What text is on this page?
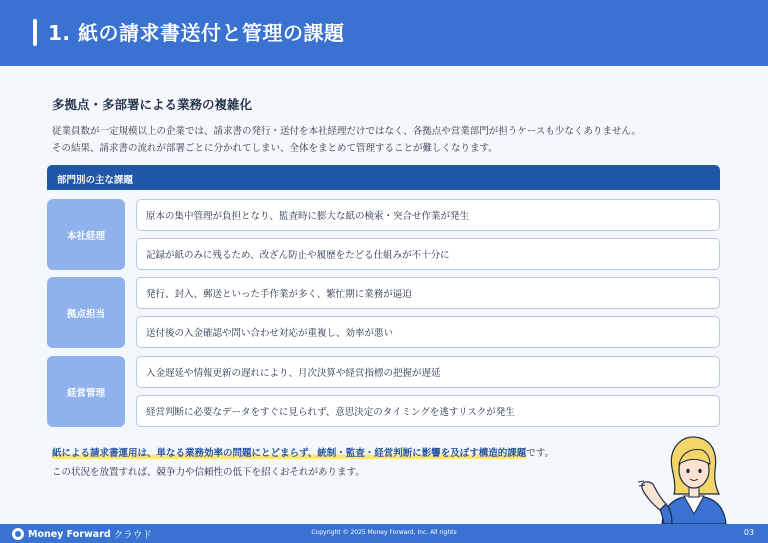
1. 紙の請求書送付と管理の課題
多拠点・多部署による業務の複雑化
従業員数が一定規模以上の企業では、請求書の発行・送付を本社経理だけではなく、各拠点や営業部門が担うケースも少なくありません。
その結果、請求書の流れが部署ごとに分かれてしまい、全体をまとめて管理することが難しくなります。
部門別の主な課題
本社経理
原本の集中管理が負担となり、監査時に膨大な紙の検索・突合せ作業が発生
記録が紙のみに残るため、改ざん防止や履歴をたどる仕組みが不十分に
拠点担当
発行、封入、郵送といった手作業が多く、繁忙期に業務が逼迫
送付後の入金確認や問い合わせ対応が重複し、効率が悪い
経営管理
入金遅延や情報更新の遅れにより、月次決算や経営指標の把握が遅延
経営判断に必要なデータをすぐに見られず、意思決定のタイミングを逃すリスクが発生
紙による請求書運用は、単なる業務効率の問題にとどまらず、統制・監査・経営判断に影響を及ぼす構造的課題です。
この状況を放置すれば、競争力や信頼性の低下を招くおそれがあります。
Money Forward クラウド	Copyright © 2025 Money Forward, Inc. All rights	03
